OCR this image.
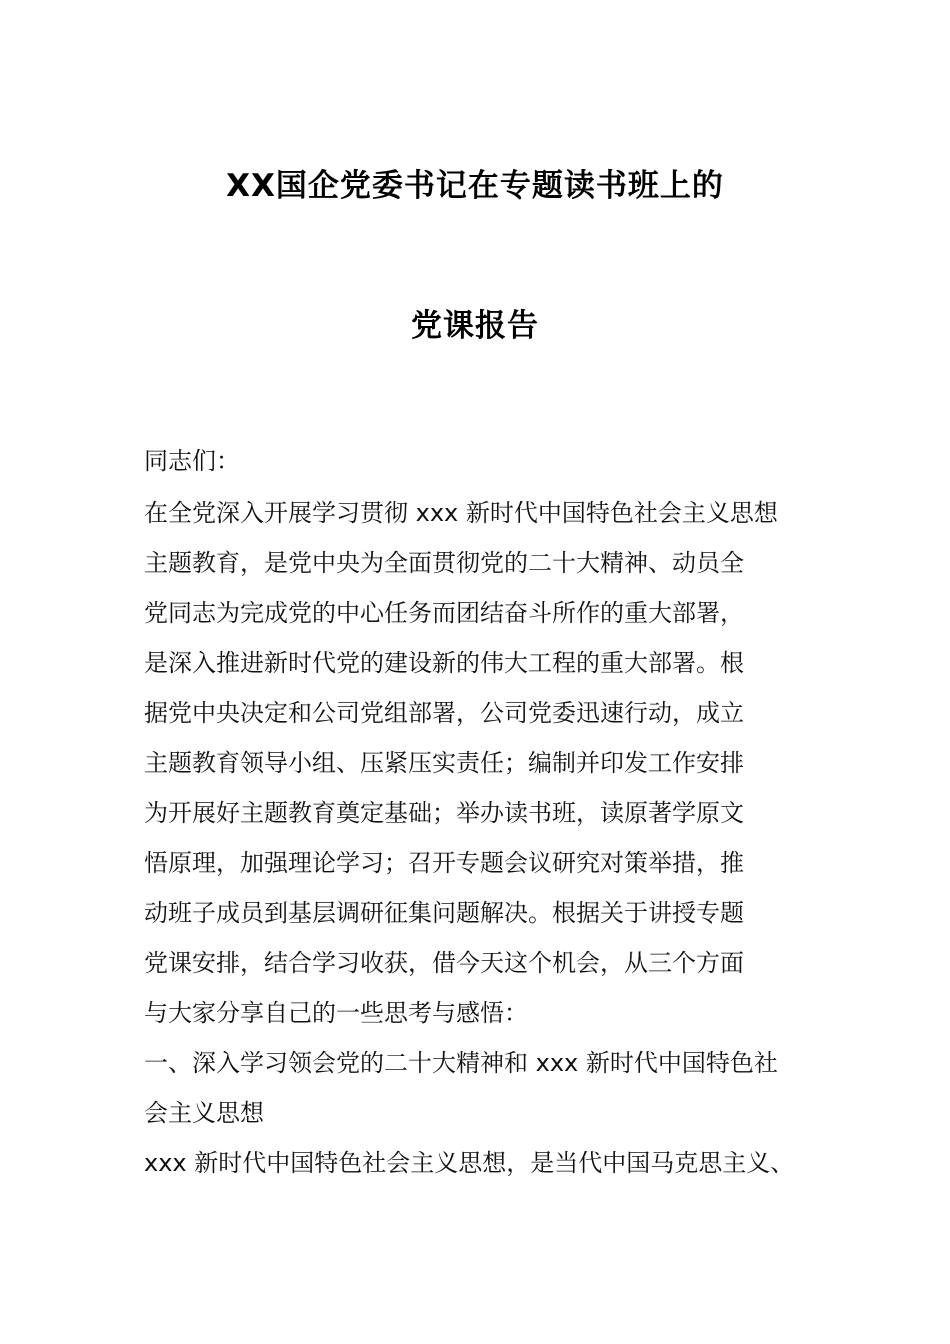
XX国企党委书记在专题读书班上的
党课报告
同志们：
在全党深入开展学习贯彻 xxx 新时代中国特色社会主义思想
主题教育，是党中央为全面贯彻党的二十大精神、动员全
党同志为完成党的中心任务而团结奋斗所作的重大部署，
是深入推进新时代党的建设新的伟大工程的重大部署。根
据党中央决定和公司党组部署，公司党委迅速行动，成立
主题教育领导小组、压紧压实责任；编制并印发工作安排
为开展好主题教育奠定基础；举办读书班，读原著学原文
悟原理，加强理论学习；召开专题会议研究对策举措，推
动班子成员到基层调研征集问题解决。根据关于讲授专题
党课安排，结合学习收获，借今天这个机会，从三个方面
与大家分享自己的一些思考与感悟：
一、深入学习领会党的二十大精神和 xxx 新时代中国特色社
会主义思想
xxx 新时代中国特色社会主义思想，是当代中国马克思主义、
